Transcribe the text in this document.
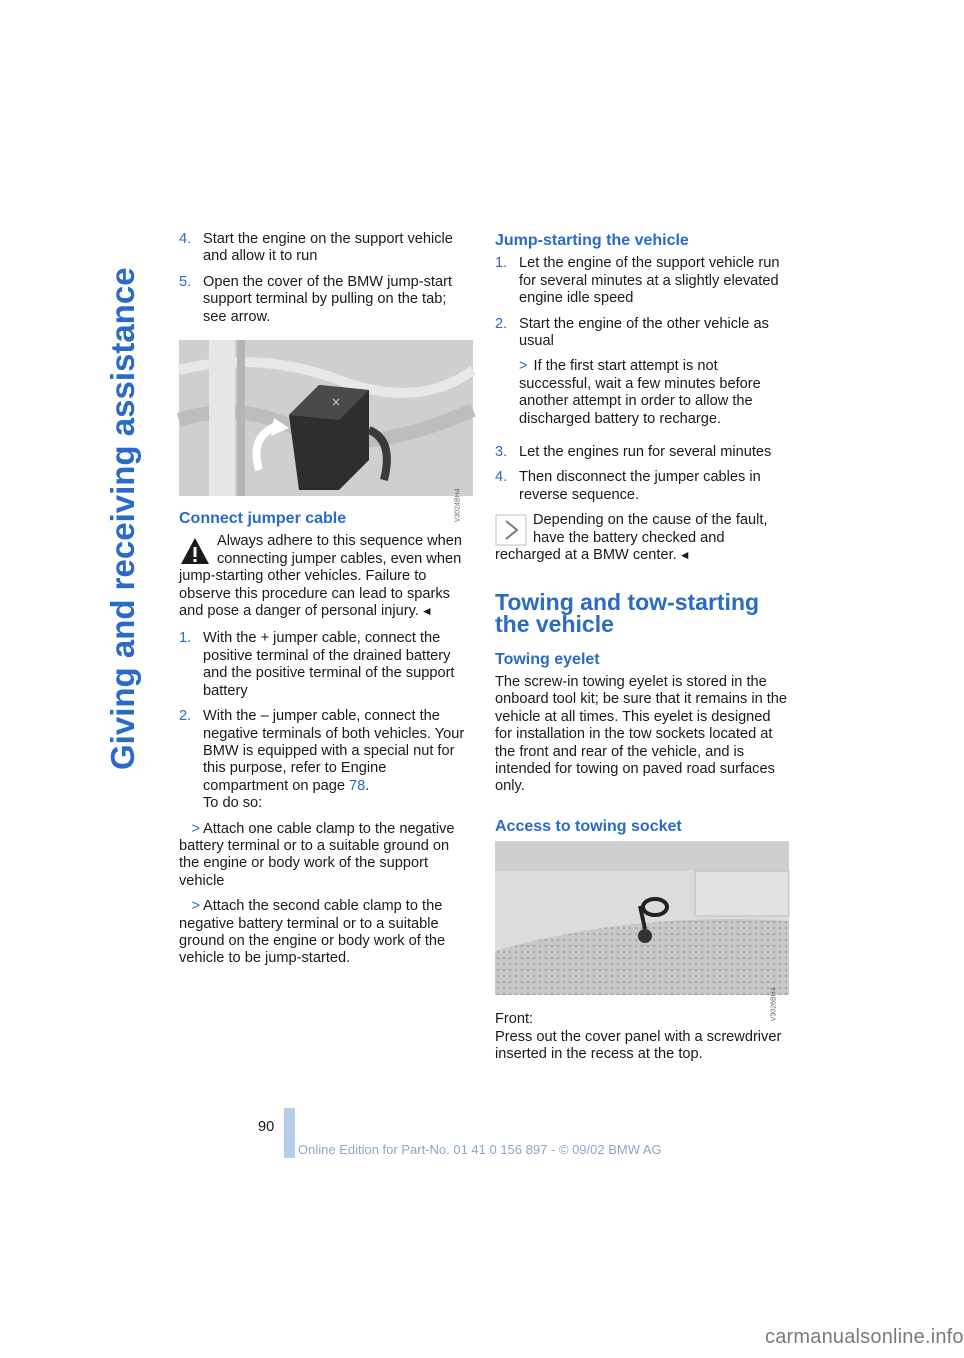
Giving and receiving assistance
4. Start the engine on the support vehicle and allow it to run
5. Open the cover of the BMW jump-start support terminal by pulling on the tab; see arrow.
×
V3024BH4
Connect jumper cable
Always adhere to this sequence when connecting jumper cables, even when jump-starting other vehicles. Failure to observe this procedure can lead to sparks and pose a danger of personal injury. ◄
1. With the + jumper cable, connect the positive terminal of the drained battery and the positive terminal of the support battery
2. With the – jumper cable, connect the negative terminals of both vehicles. Your BMW is equipped with a special nut for this purpose, refer to Engine compartment on page 78.
To do so:
> Attach one cable clamp to the negative battery terminal or to a suitable ground on the engine or body work of the support vehicle
> Attach the second cable clamp to the negative battery terminal or to a suitable ground on the engine or body work of the vehicle to be jump-started.
Jump-starting the vehicle
1. Let the engine of the support vehicle run for several minutes at a slightly elevated engine idle speed
2. Start the engine of the other vehicle as usual
> If the first start attempt is not successful, wait a few minutes before another attempt in order to allow the discharged battery to recharge.
3. Let the engines run for several minutes
4. Then disconnect the jumper cables in reverse sequence.
Depending on the cause of the fault, have the battery checked and recharged at a BMW center. ◄
Towing and tow-starting the vehicle
Towing eyelet

The screw-in towing eyelet is stored in the onboard tool kit; be sure that it remains in the vehicle at all times. This eyelet is designed for installation in the tow sockets located at the front and rear of the vehicle, and is intended for towing on paved road surfaces only.

Access to towing socket
V3026BH4

Front:

Press out the cover panel with a screwdriver inserted in the recess at the top.

90
Online Edition for Part-No. 01 41 0 156 897 - © 09/02 BMW AG
carmanualsonline.info
